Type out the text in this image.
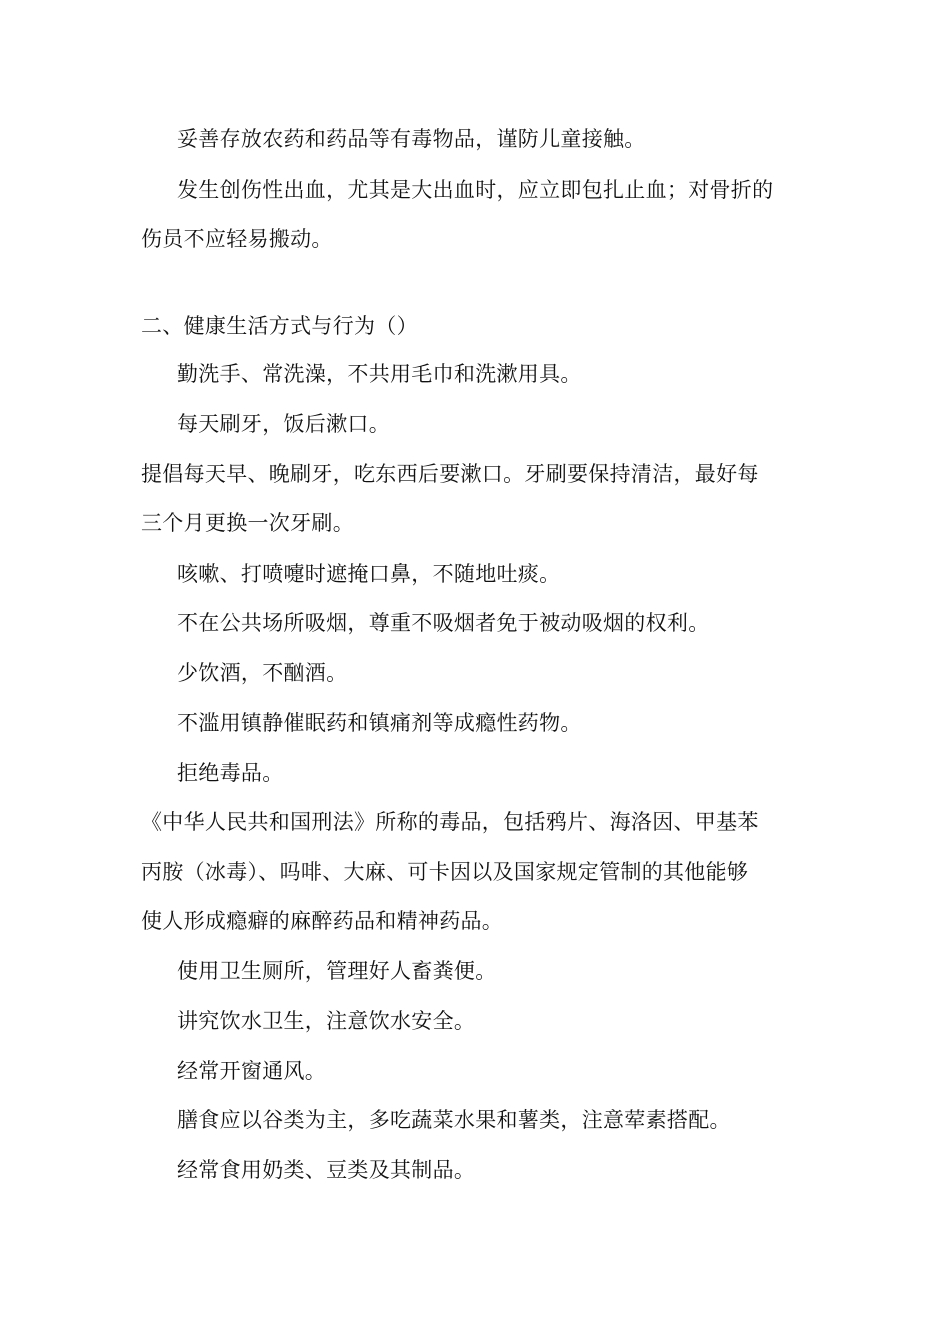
妥善存放农药和药品等有毒物品，谨防儿童接触。
发生创伤性出血，尤其是大出血时，应立即包扎止血；对骨折的
伤员不应轻易搬动。
二、健康生活方式与行为（）
勤洗手、常洗澡，不共用毛巾和洗漱用具。
每天刷牙，饭后漱口。
提倡每天早、晚刷牙，吃东西后要漱口。牙刷要保持清洁，最好每
三个月更换一次牙刷。
咳嗽、打喷嚏时遮掩口鼻，不随地吐痰。
不在公共场所吸烟，尊重不吸烟者免于被动吸烟的权利。
少饮酒，不酗酒。
不滥用镇静催眠药和镇痛剂等成瘾性药物。
拒绝毒品。
《中华人民共和国刑法》所称的毒品，包括鸦片、海洛因、甲基苯
丙胺（冰毒）、吗啡、大麻、可卡因以及国家规定管制的其他能够
使人形成瘾癖的麻醉药品和精神药品。
使用卫生厕所，管理好人畜粪便。
讲究饮水卫生，注意饮水安全。
经常开窗通风。
膳食应以谷类为主，多吃蔬菜水果和薯类，注意荤素搭配。
经常食用奶类、豆类及其制品。
